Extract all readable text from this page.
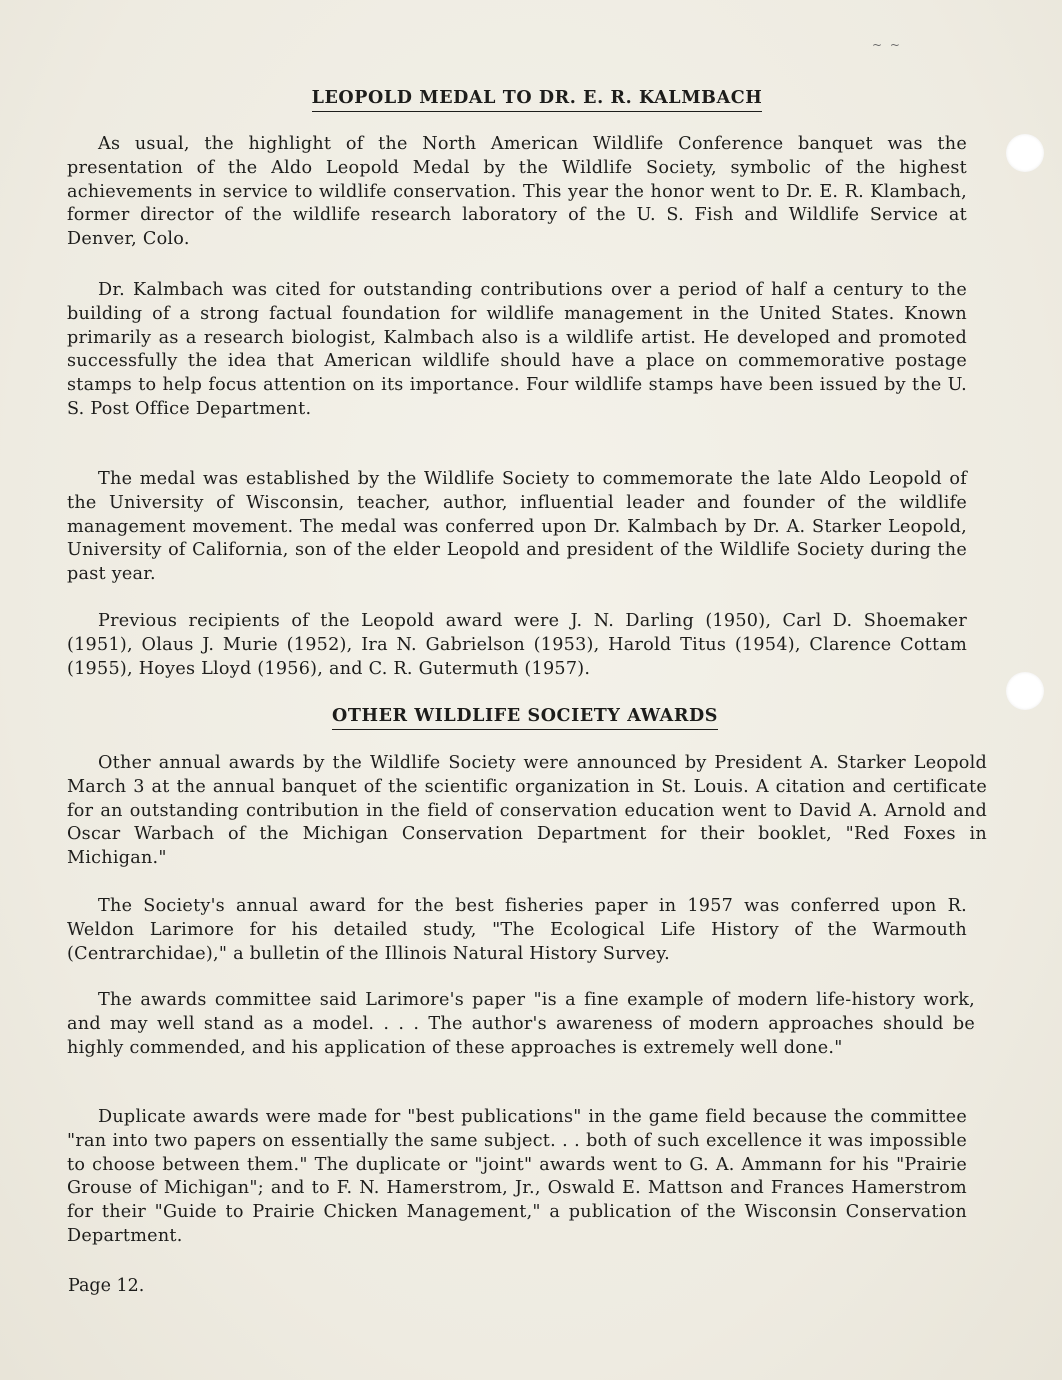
~ ~
LEOPOLD MEDAL TO DR. E. R. KALMBACH

As usual, the highlight of the North American Wildlife Conference banquet was the presentation of the Aldo Leopold Medal by the Wildlife Society, symbolic of the highest achievements in service to wildlife conservation. This year the honor went to Dr. E. R. Klambach, former director of the wildlife research laboratory of the U. S. Fish and Wildlife Service at Denver, Colo.

Dr. Kalmbach was cited for outstanding contributions over a period of half a century to the building of a strong factual foundation for wildlife management in the United States. Known primarily as a research biologist, Kalmbach also is a wildlife artist. He developed and promoted successfully the idea that American wildlife should have a place on commemorative postage stamps to help focus attention on its importance. Four wildlife stamps have been issued by the U. S. Post Office Department.

The medal was established by the Wildlife Society to commemorate the late Aldo Leopold of the University of Wisconsin, teacher, author, influential leader and founder of the wildlife management movement. The medal was conferred upon Dr. Kalmbach by Dr. A. Starker Leopold, University of California, son of the elder Leopold and president of the Wildlife Society during the past year.

Previous recipients of the Leopold award were J. N. Darling (1950), Carl D. Shoemaker (1951), Olaus J. Murie (1952), Ira N. Gabrielson (1953), Harold Titus (1954), Clarence Cottam (1955), Hoyes Lloyd (1956), and C. R. Gutermuth (1957).

OTHER WILDLIFE SOCIETY AWARDS

Other annual awards by the Wildlife Society were announced by President A. Starker Leopold March 3 at the annual banquet of the scientific organization in St. Louis. A citation and certificate for an outstanding contribution in the field of conservation education went to David A. Arnold and Oscar Warbach of the Michigan Conservation Department for their booklet, "Red Foxes in Michigan."

The Society's annual award for the best fisheries paper in 1957 was conferred upon R. Weldon Larimore for his detailed study, "The Ecological Life History of the Warmouth (Centrarchidae)," a bulletin of the Illinois Natural History Survey.

The awards committee said Larimore's paper "is a fine example of modern life-history work, and may well stand as a model. . . . The author's awareness of modern approaches should be highly commended, and his application of these approaches is extremely well done."

Duplicate awards were made for "best publications" in the game field because the committee "ran into two papers on essentially the same subject. . . both of such excellence it was impossible to choose between them." The duplicate or "joint" awards went to G. A. Ammann for his "Prairie Grouse of Michigan"; and to F. N. Hamerstrom, Jr., Oswald E. Mattson and Frances Hamerstrom for their "Guide to Prairie Chicken Management," a publication of the Wisconsin Conservation Department.

Page 12.
